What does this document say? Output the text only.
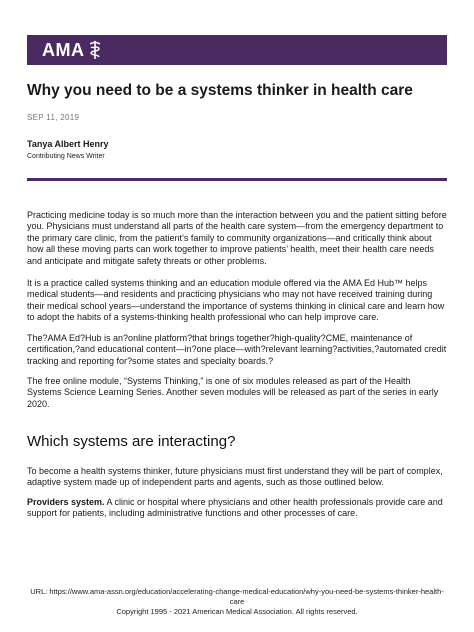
AMA
Why you need to be a systems thinker in health care
SEP 11, 2019
Tanya Albert Henry
Contributing News Writer

Practicing medicine today is so much more than the interaction between you and the patient sitting before you. Physicians must understand all parts of the health care system—from the emergency department to the primary care clinic, from the patient’s family to community organizations—and critically think about how all these moving parts can work together to improve patients’ health, meet their health care needs and anticipate and mitigate safety threats or other problems.

It is a practice called systems thinking and an education module offered via the AMA Ed Hub™ helps medical students—and residents and practicing physicians who may not have received training during their medical school years—understand the importance of systems thinking in clinical care and learn how to adopt the habits of a systems-thinking health professional who can help improve care.

The?AMA Ed?Hub is an?online platform?that brings together?high-quality?CME, maintenance of certification,?and educational content—in?one place—with?relevant learning?activities,?automated credit tracking and reporting for?some states and specialty boards.?

The free online module, “Systems Thinking,” is one of six modules released as part of the Health Systems Science Learning Series. Another seven modules will be released as part of the series in early 2020.

Which systems are interacting?

To become a health systems thinker, future physicians must first understand they will be part of complex, adaptive system made up of independent parts and agents, such as those outlined below.

Providers system. A clinic or hospital where physicians and other health professionals provide care and support for patients, including administrative functions and other processes of care.

URL: https://www.ama-assn.org/education/accelerating-change-medical-education/why-you-need-be-systems-thinker-health-care
Copyright 1995 - 2021 American Medical Association. All rights reserved.
